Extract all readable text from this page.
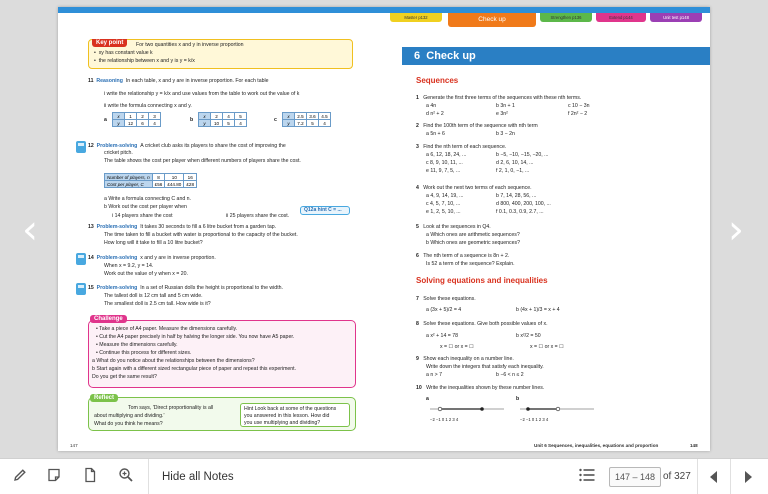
‹	›
Key point	For two quantities x and y in inverse proportion
•  xy has constant value k
•  the relationship between x and y is y = k/x
11 Reasoning In each table, x and y are in inverse proportion. For each table
i write the relationship y = k/x and use values from the table to work out the value of k
ii write the formula connecting x and y.
a
x	1	2	3
y	12	6	4	b
x	2	4	5
y	10	5	4	c
x	2.5	3.6	4.5
y	7.2	5	4
12 Problem-solving A cricket club asks its players to share the cost of improving the
cricket pitch.
The table shows the cost per player when different numbers of players share the cost.
Number of players, n	8	10	16
Cost per player, C	£56	£44.80	£28
a Write a formula connecting C and n.
b Work out the cost per player when
i 14 players share the cost	ii 25 players share the cost.
Q12a hint C = ...
13 Problem-solving It takes 30 seconds to fill a 6 litre bucket from a garden tap.
The time taken to fill a bucket with water is proportional to the capacity of the bucket.
How long will it take to fill a 10 litre bucket?
14 Problem-solving x and y are in inverse proportion.
When x = 9.2, y = 14.
Work out the value of y when x = 20.
15 Problem-solving In a set of Russian dolls the height is proportional to the width.
The tallest doll is 12 cm tall and 5 cm wide.
The smallest doll is 2.5 cm tall. How wide is it?
Challenge
• Take a piece of A4 paper. Measure the dimensions carefully.
• Cut the A4 paper precisely in half by halving the longer side. You now have A5 paper.
• Measure the dimensions carefully.
• Continue this process for different sizes.
a What do you notice about the relationships between the dimensions?
b Start again with a different sized rectangular piece of paper and repeat this experiment.
Do you get the same result?
Reflect
Tom says, 'Direct proportionality is all
about multiplying and dividing.'
What do you think he means?
Hint Look back at some of the questions
you answered in this lesson. How did
you use multiplying and dividing?
147
Master p132	Check up	Strengthen p136	Extend p144	Unit test p148
6 Check up
Sequences
1 Generate the first three terms of the sequences with these nth terms.
a 4n	b 3n + 1	c 10 − 3n
d n² + 2	e 3n²	f 2n² − 2
2 Find the 100th term of the sequence with nth term
a 5n + 6	b 3 − 2n
3 Find the nth term of each sequence.
a 6, 12, 18, 24, ...	b −5, −10, −15, −20, ...
c 8, 9, 10, 11, ...	d 2, 6, 10, 14, ...
e 11, 9, 7, 5, ...	f 2, 1, 0, −1, ...
4 Work out the next two terms of each sequence.
a 4, 9, 14, 19, ...	b 7, 14, 28, 56, ...
c 4, 5, 7, 10, ...	d 800, 400, 200, 100, ...
e 1, 2, 5, 10, ...	f 0.1, 0.3, 0.9, 2.7, ...
5 Look at the sequences in Q4.
a Which ones are arithmetic sequences?
b Which ones are geometric sequences?
6 The nth term of a sequence is 8n + 2.
Is 52 a term of the sequence? Explain.
Solving equations and inequalities
7 Solve these equations.
a (3x + 5)/2 = 4	b (4x + 1)/3 = x + 4
8 Solve these equations. Give both possible values of x.
a x² + 14 = 78	b x²/2 = 50
x = ☐ or x = ☐	x = ☐ or x = ☐
9 Show each inequality on a number line.
Write down the integers that satisfy each inequality.
a n > 7	b −6 < n ≤ 2
10 Write the inequalities shown by these number lines.
a	b
−2 −1 0 1 2 3 4	−2 −1 0 1 2 3 4
Unit 6 Sequences, inequalities, equations and proportion	148
Hide all Notes	147 – 148 of 327
